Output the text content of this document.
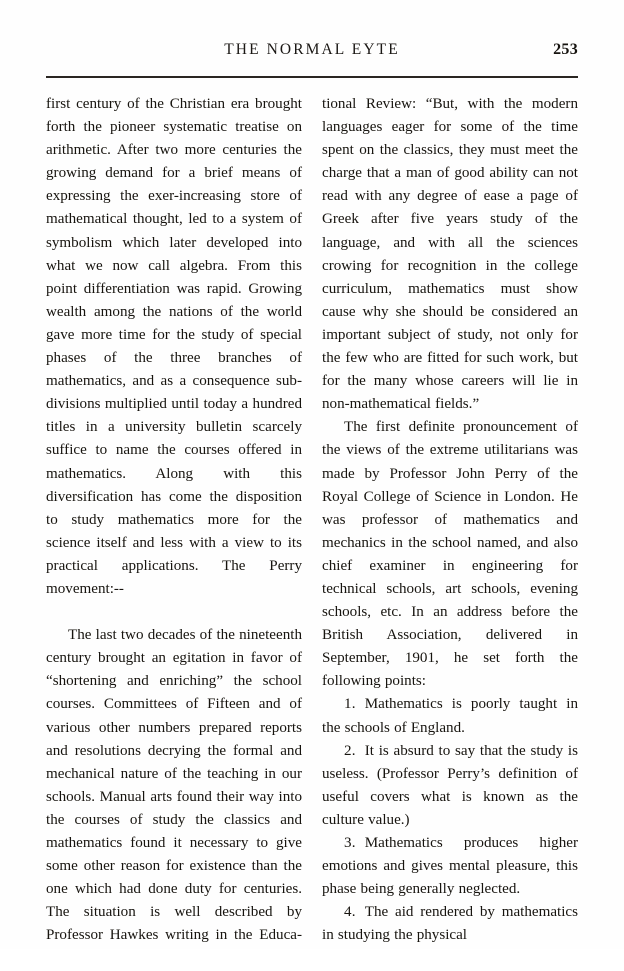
THE NORMAL EYTE	253

first century of the Christian era brought forth the pioneer systematic treatise on arithmetic. After two more centuries the growing demand for a brief means of expressing the exer-increasing store of mathematical thought, led to a system of symbolism which later developed into what we now call algebra. From this point differentiation was rapid. Growing wealth among the nations of the world gave more time for the study of special phases of the three branches of mathematics, and as a consequence sub-divisions multiplied until today a hundred titles in a university bulletin scarcely suffice to name the courses offered in mathematics. Along with this diversification has come the disposition to study mathematics more for the science itself and less with a view to its practical applications. The Perry movement:--

The last two decades of the nineteenth century brought an egitation in favor of “shortening and enriching” the school courses. Committees of Fifteen and of various other numbers prepared reports and resolutions decrying the formal and mechanical nature of the teaching in our schools. Manual arts found their way into the courses of study the classics and mathematics found it necessary to give some other reason for existence than the one which had done duty for centuries. The situation is well described by Professor Hawkes writing in the Educa-

tional Review: “But, with the modern languages eager for some of the time spent on the classics, they must meet the charge that a man of good ability can not read with any degree of ease a page of Greek after five years study of the language, and with all the sciences crowing for recognition in the college curriculum, mathematics must show cause why she should be considered an important subject of study, not only for the few who are fitted for such work, but for the many whose careers will lie in non-mathematical fields.”

The first definite pronouncement of the views of the extreme utilitarians was made by Professor John Perry of the Royal College of Science in London. He was professor of mathematics and mechanics in the school named, and also chief examiner in engineering for technical schools, art schools, evening schools, etc. In an address before the British Association, delivered in September, 1901, he set forth the following points:

1. Mathematics is poorly taught in the schools of England.

2. It is absurd to say that the study is useless. (Professor Perry’s definition of useful covers what is known as the culture value.)

3. Mathematics produces higher emotions and gives mental pleasure, this phase being generally neglected.

4. The aid rendered by mathematics in studying the physical
